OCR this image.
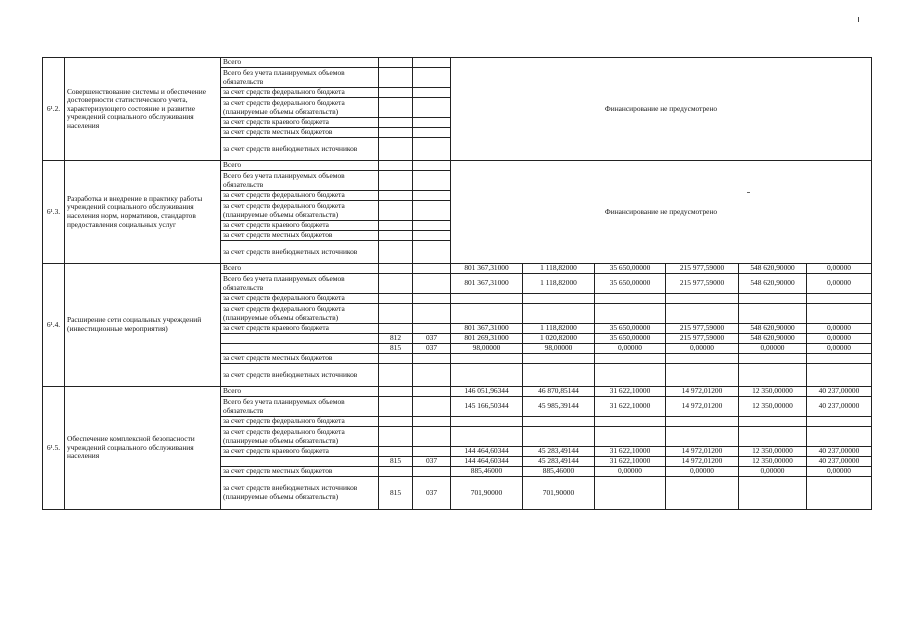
6¹.2.	Совершенствование системы и обеспечение достоверности статистического учета, характеризующего состояние и развитие учреждений социального обслуживания населения	Всего			Финансирование не предусмотрено					
		Всего без учета планируемых объемов обязательств								
		за счет средств федерального бюджета								
		за счет средств федерального бюджета (планируемые объемы обязательств)								
		за счет средств краевого бюджета								
		за счет средств местных бюджетов								
		за счет средств внебюджетных источников								
6¹.3.	Разработка и внедрение в практику работы учреждений социального обслуживания населения норм, нормативов, стандартов предоставления социальных услуг	Всего			Финансирование не предусмотрено					
		Всего без учета планируемых объемов обязательств								
		за счет средств федерального бюджета								
		за счет средств федерального бюджета (планируемые объемы обязательств)								
		за счет средств краевого бюджета								
		за счет средств местных бюджетов								
		за счет средств внебюджетных источников								
6¹.4.	Расширение сети социальных учреждений (инвестиционные мероприятия)	Всего			801 367,31000	1 118,82000	35 650,00000	215 977,59000	548 620,90000	0,00000
		Всего без учета планируемых объемов обязательств			801 367,31000	1 118,82000	35 650,00000	215 977,59000	548 620,90000	0,00000
		за счет средств федерального бюджета								
		за счет средств федерального бюджета (планируемые объемы обязательств)								
		за счет средств краевого бюджета			801 367,31000	1 118,82000	35 650,00000	215 977,59000	548 620,90000	0,00000
			812	037	801 269,31000	1 020,82000	35 650,00000	215 977,59000	548 620,90000	0,00000
			815	037	98,00000	98,00000	0,00000	0,00000	0,00000	0,00000
		за счет средств местных бюджетов								
		за счет средств внебюджетных источников								
6¹.5.	Обеспечение комплексной безопасности учреждений социального обслуживания населения	Всего			146 051,96344	46 870,85144	31 622,10000	14 972,01200	12 350,00000	40 237,00000
		Всего без учета планируемых объемов обязательств			145 166,50344	45 985,39144	31 622,10000	14 972,01200	12 350,00000	40 237,00000
		за счет средств федерального бюджета								
		за счет средств федерального бюджета (планируемые объемы обязательств)								
		за счет средств краевого бюджета			144 464,60344	45 283,49144	31 622,10000	14 972,01200	12 350,00000	40 237,00000
			815	037	144 464,60344	45 283,49144	31 622,10000	14 972,01200	12 350,00000	40 237,00000
		за счет средств местных бюджетов			885,46000	885,46000	0,00000	0,00000	0,00000	0,00000
		за счет средств внебюджетных источников (планируемые объемы обязательств)	815	037	701,90000	701,90000				
